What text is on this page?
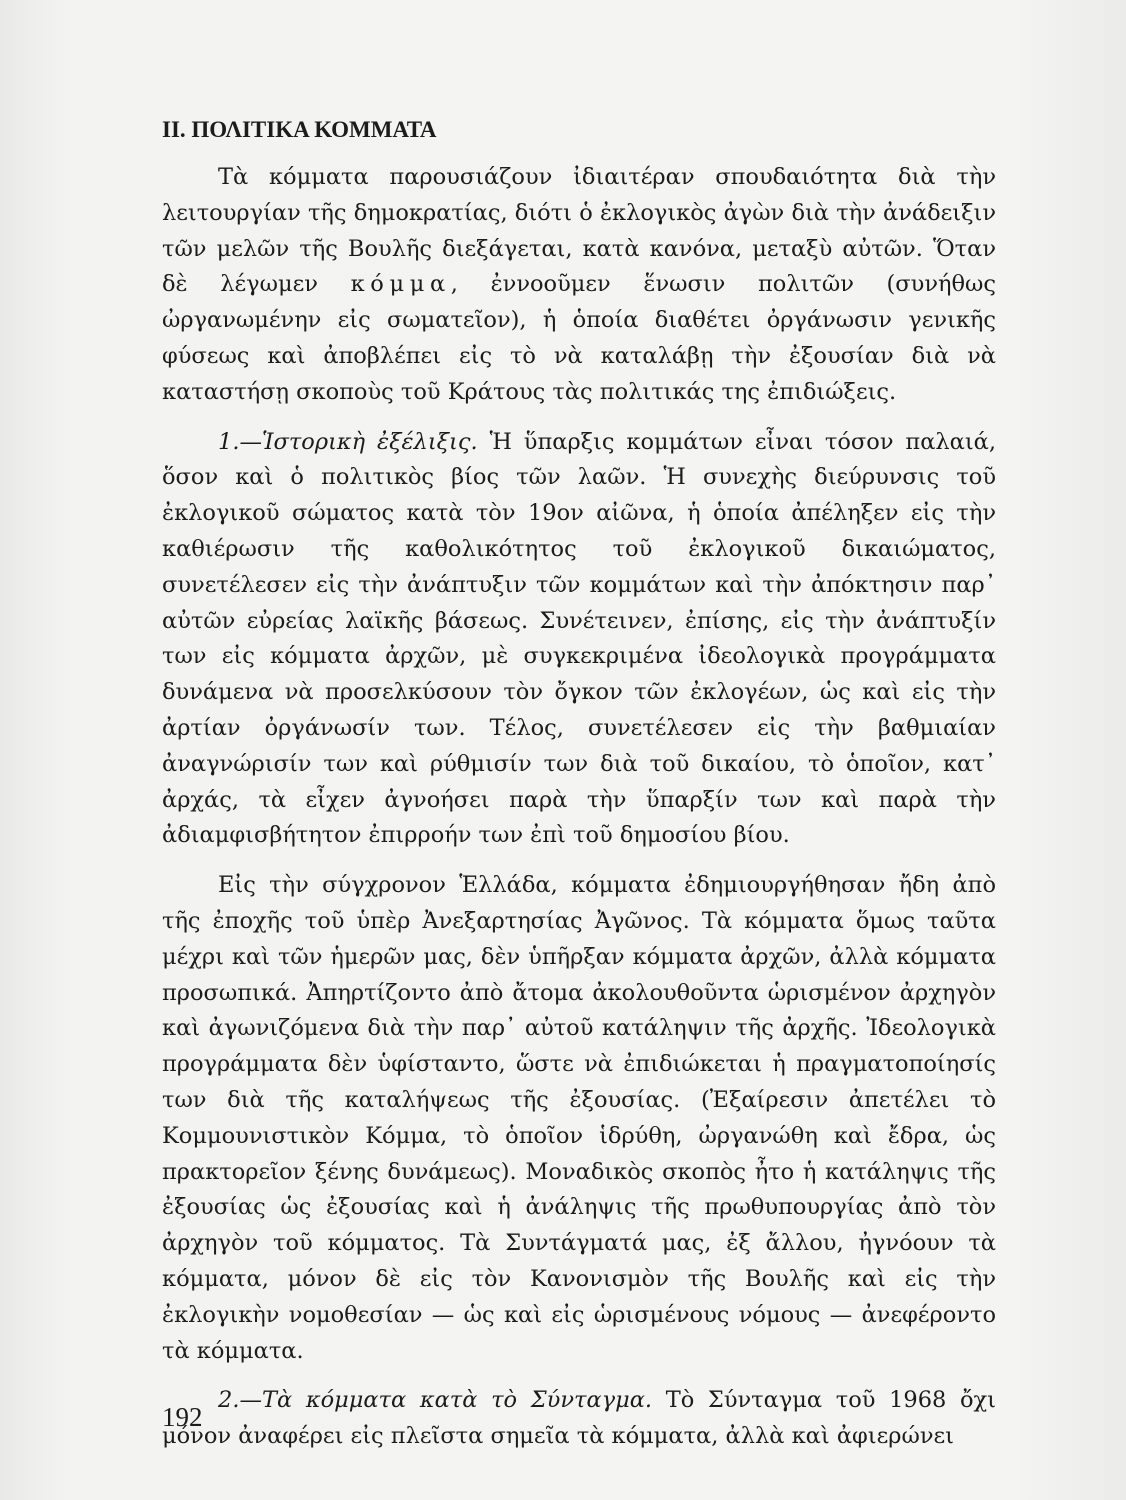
ΙΙ. ΠΟΛΙΤΙΚΑ ΚΟΜΜΑΤΑ

Τὰ κόμματα παρουσιάζουν ἰδιαιτέραν σπουδαιότητα διὰ τὴν λειτουργίαν τῆς δημοκρατίας, διότι ὁ ἐκλογικὸς ἀγὼν διὰ τὴν ἀνάδειξιν τῶν μελῶν τῆς Βουλῆς διεξάγεται, κατὰ κανόνα, μεταξὺ αὐτῶν. Ὅταν δὲ λέγωμεν κόμμα, ἐννοοῦμεν ἕνωσιν πολιτῶν (συνήθως ὠργανωμένην εἰς σωματεῖον), ἡ ὁποία διαθέτει ὀργάνωσιν γενικῆς φύσεως καὶ ἀποβλέπει εἰς τὸ νὰ καταλάβῃ τὴν ἐξουσίαν διὰ νὰ καταστήσῃ σκοποὺς τοῦ Κράτους τὰς πολιτικάς της ἐπιδιώξεις.

1.—Ἱστορικὴ ἐξέλιξις. Ἡ ὕπαρξις κομμάτων εἶναι τόσον παλαιά, ὅσον καὶ ὁ πολιτικὸς βίος τῶν λαῶν. Ἡ συνεχὴς διεύρυνσις τοῦ ἐκλογικοῦ σώματος κατὰ τὸν 19ον αἰῶνα, ἡ ὁποία ἀπέληξεν εἰς τὴν καθιέρωσιν τῆς καθολικότητος τοῦ ἐκλογικοῦ δικαιώματος, συνετέλεσεν εἰς τὴν ἀνάπτυξιν τῶν κομμάτων καὶ τὴν ἀπόκτησιν παρ᾽ αὐτῶν εὐρείας λαϊκῆς βάσεως. Συνέτεινεν, ἐπίσης, εἰς τὴν ἀνάπτυξίν των εἰς κόμματα ἀρχῶν, μὲ συγκεκριμένα ἰδεολογικὰ προγράμματα δυνάμενα νὰ προσελκύσουν τὸν ὄγκον τῶν ἐκλογέων, ὡς καὶ εἰς τὴν ἀρτίαν ὀργάνωσίν των. Τέλος, συνετέλεσεν εἰς τὴν βαθμιαίαν ἀναγνώρισίν των καὶ ρύθμισίν των διὰ τοῦ δικαίου, τὸ ὁποῖον, κατ᾽ ἀρχάς, τὰ εἶχεν ἀγνοήσει παρὰ τὴν ὕπαρξίν των καὶ παρὰ τὴν ἀδιαμφισβήτητον ἐπιρροήν των ἐπὶ τοῦ δημοσίου βίου.

Εἰς τὴν σύγχρονον Ἑλλάδα, κόμματα ἐδημιουργήθησαν ἤδη ἀπὸ τῆς ἐποχῆς τοῦ ὑπὲρ Ἀνεξαρτησίας Ἀγῶνος. Τὰ κόμματα ὅμως ταῦτα μέχρι καὶ τῶν ἡμερῶν μας, δὲν ὑπῆρξαν κόμματα ἀρχῶν, ἀλλὰ κόμματα προσωπικά. Ἀπηρτίζοντο ἀπὸ ἄτομα ἀκολουθοῦντα ὡρισμένον ἀρχηγὸν καὶ ἀγωνιζόμενα διὰ τὴν παρ᾽ αὐτοῦ κατάληψιν τῆς ἀρχῆς. Ἰδεολογικὰ προγράμματα δὲν ὑφίσταντο, ὥστε νὰ ἐπιδιώκεται ἡ πραγματοποίησίς των διὰ τῆς καταλήψεως τῆς ἐξουσίας. (Ἐξαίρεσιν ἀπετέλει τὸ Κομμουνιστικὸν Κόμμα, τὸ ὁποῖον ἱδρύθη, ὠργανώθη καὶ ἔδρα, ὡς πρακτορεῖον ξένης δυνάμεως). Μοναδικὸς σκοπὸς ἦτο ἡ κατάληψις τῆς ἐξουσίας ὡς ἐξουσίας καὶ ἡ ἀνάληψις τῆς πρωθυπουργίας ἀπὸ τὸν ἀρχηγὸν τοῦ κόμματος. Τὰ Συντάγματά μας, ἐξ ἄλλου, ἠγνόουν τὰ κόμματα, μόνον δὲ εἰς τὸν Κανονισμὸν τῆς Βουλῆς καὶ εἰς τὴν ἐκλογικὴν νομοθεσίαν — ὡς καὶ εἰς ὡρισμένους νόμους — ἀνεφέροντο τὰ κόμματα.

2.—Τὰ κόμματα κατὰ τὸ Σύνταγμα. Τὸ Σύνταγμα τοῦ 1968 ὄχι μόνον ἀναφέρει εἰς πλεῖστα σημεῖα τὰ κόμματα, ἀλλὰ καὶ ἀφιερώνει

192
